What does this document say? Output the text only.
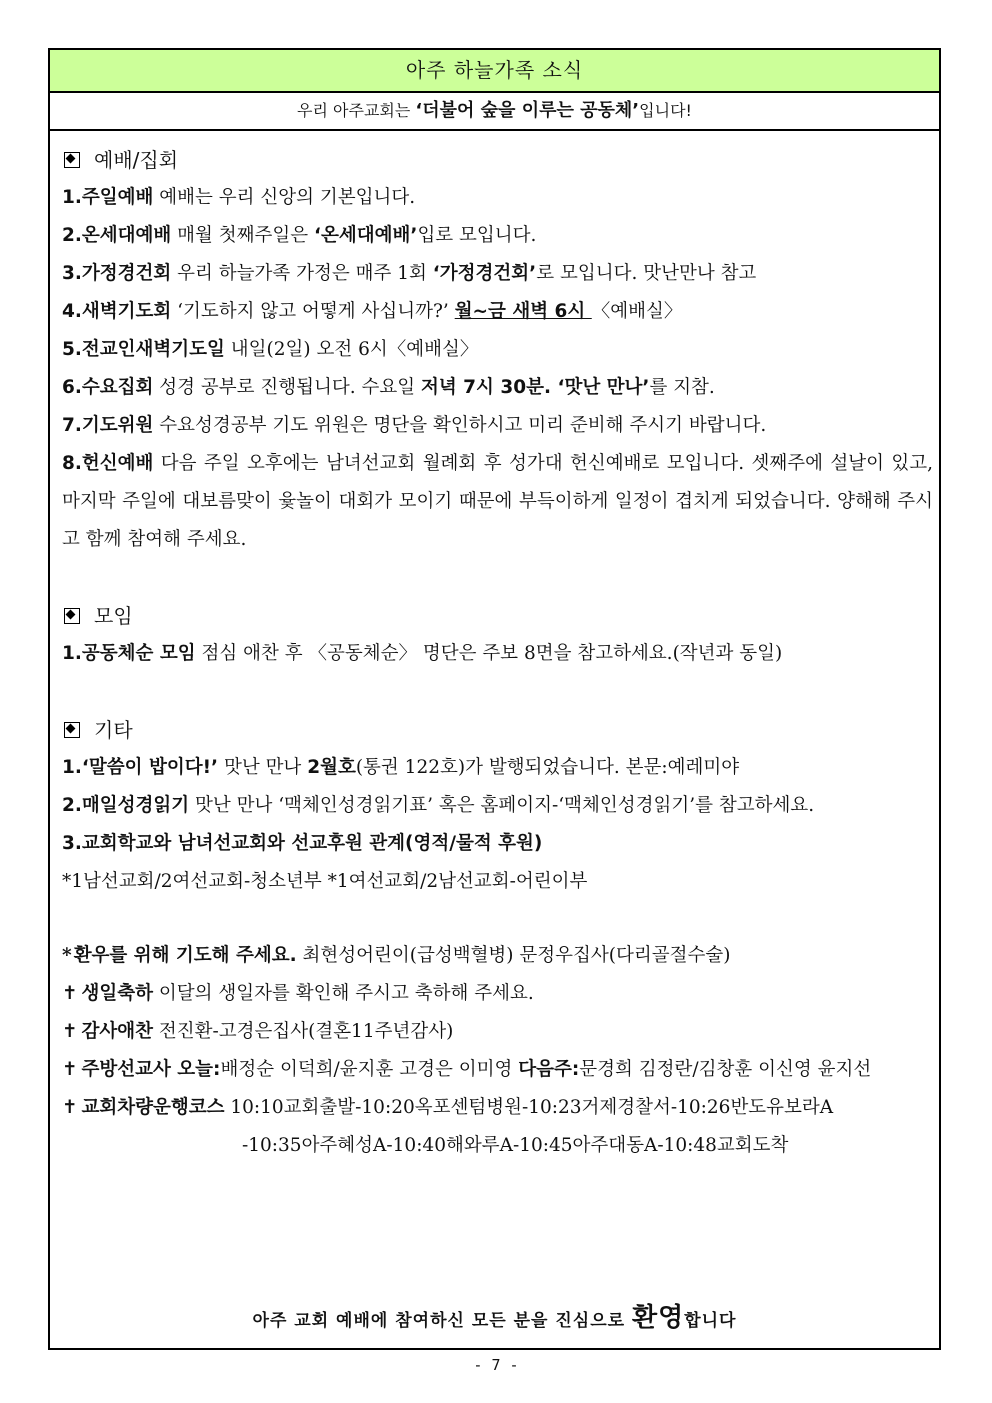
아주 하늘가족 소식
우리 아주교회는 ‘더불어 숲을 이루는 공동체’입니다!
예배/집회
1.주일예배 예배는 우리 신앙의 기본입니다.
2.온세대예배 매월 첫째주일은 ‘온세대예배’입로 모입니다.
3.가정경건회 우리 하늘가족 가정은 매주 1회 ‘가정경건회’로 모입니다. 맛난만나 참고
4.새벽기도회 ‘기도하지 않고 어떻게 사십니까?’ 월~금 새벽 6시 〈예배실〉
5.전교인새벽기도일 내일(2일) 오전 6시〈예배실〉
6.수요집회 성경 공부로 진행됩니다. 수요일 저녁 7시 30분. ‘맛난 만나’를 지참.
7.기도위원 수요성경공부 기도 위원은 명단을 확인하시고 미리 준비해 주시기 바랍니다.
8.헌신예배 다음 주일 오후에는 남녀선교회 월례회 후 성가대 헌신예배로 모입니다. 셋째주에 설날이 있고, 마지막 주일에 대보름맞이 윷놀이 대회가 모이기 때문에 부득이하게 일정이 겹치게 되었습니다. 양해해 주시고 함께 참여해 주세요.
모임
1.공동체순 모임 점심 애찬 후 〈공동체순〉 명단은 주보 8면을 참고하세요.(작년과 동일)
기타
1.‘말씀이 밥이다!’ 맛난 만나 2월호(통권 122호)가 발행되었습니다. 본문:예레미야
2.매일성경읽기 맛난 만나 ‘맥체인성경읽기표’ 혹은 홈페이지-‘맥체인성경읽기’를 참고하세요.
3.교회학교와 남녀선교회와 선교후원 관계(영적/물적 후원)
*1남선교회/2여선교회-청소년부 *1여선교회/2남선교회-어린이부
* 환우를 위해 기도해 주세요. 최현성어린이(급성백혈병) 문정우집사(다리골절수술)
✝ 생일축하 이달의 생일자를 확인해 주시고 축하해 주세요.
✝ 감사애찬 전진환-고경은집사(결혼11주년감사)
✝ 주방선교사 오늘:배정순 이덕희/윤지훈 고경은 이미영 다음주:문경희 김정란/김창훈 이신영 윤지선
✝ 교회차량운행코스 10:10교회출발-10:20옥포센텀병원-10:23거제경찰서-10:26반도유보라A
-10:35아주혜성A-10:40해와루A-10:45아주대동A-10:48교회도착
아주 교회 예배에 참여하신 모든 분을 진심으로 환영합니다
- 7 -
